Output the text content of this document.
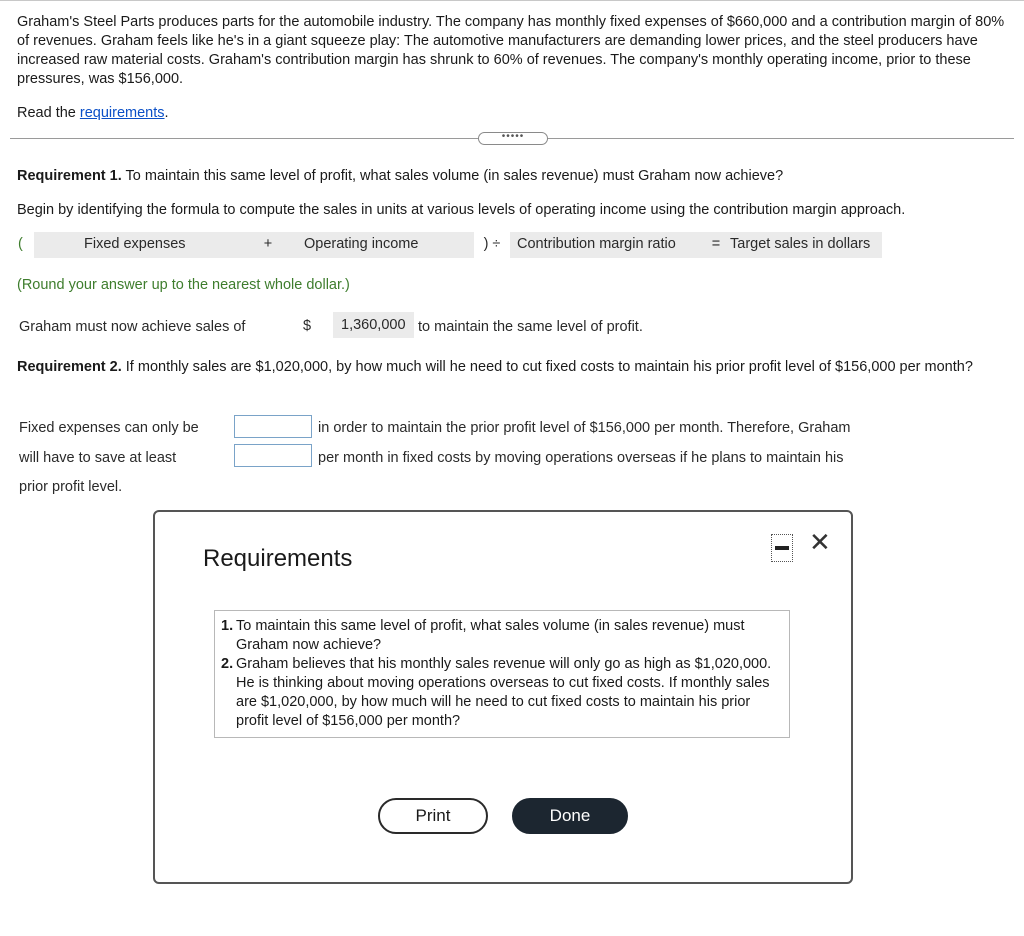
Graham's Steel Parts produces parts for the automobile industry. The company has monthly fixed expenses of $660,000 and a contribution margin of 80% of revenues. Graham feels like he's in a giant squeeze play: The automotive manufacturers are demanding lower prices, and the steel producers have increased raw material costs. Graham's contribution margin has shrunk to 60% of revenues. The company's monthly operating income, prior to these pressures, was $156,000.

Read the requirements.

•••••

Requirement 1. To maintain this same level of profit, what sales volume (in sales revenue) must Graham now achieve?

Begin by identifying the formula to compute the sales in units at various levels of operating income using the contribution margin approach.

(	Fixed expenses	+	Operating income	) ÷	Contribution margin ratio	= Target sales in dollars

(Round your answer up to the nearest whole dollar.)

Graham must now achieve sales of	$	1,360,000 to maintain the same level of profit.

Requirement 2. If monthly sales are $1,020,000, by how much will he need to cut fixed costs to maintain his prior profit level of $156,000 per month?

Fixed expenses can only be

will have to save at least

prior profit level.

in order to maintain the prior profit level of $156,000 per month. Therefore, Graham

per month in fixed costs by moving operations overseas if he plans to maintain his

Requirements
✕

1. To maintain this same level of profit, what sales volume (in sales revenue) must Graham now achieve?

2. Graham believes that his monthly sales revenue will only go as high as $1,020,000. He is thinking about moving operations overseas to cut fixed costs. If monthly sales are $1,020,000, by how much will he need to cut fixed costs to maintain his prior profit level of $156,000 per month?

Print	Done
